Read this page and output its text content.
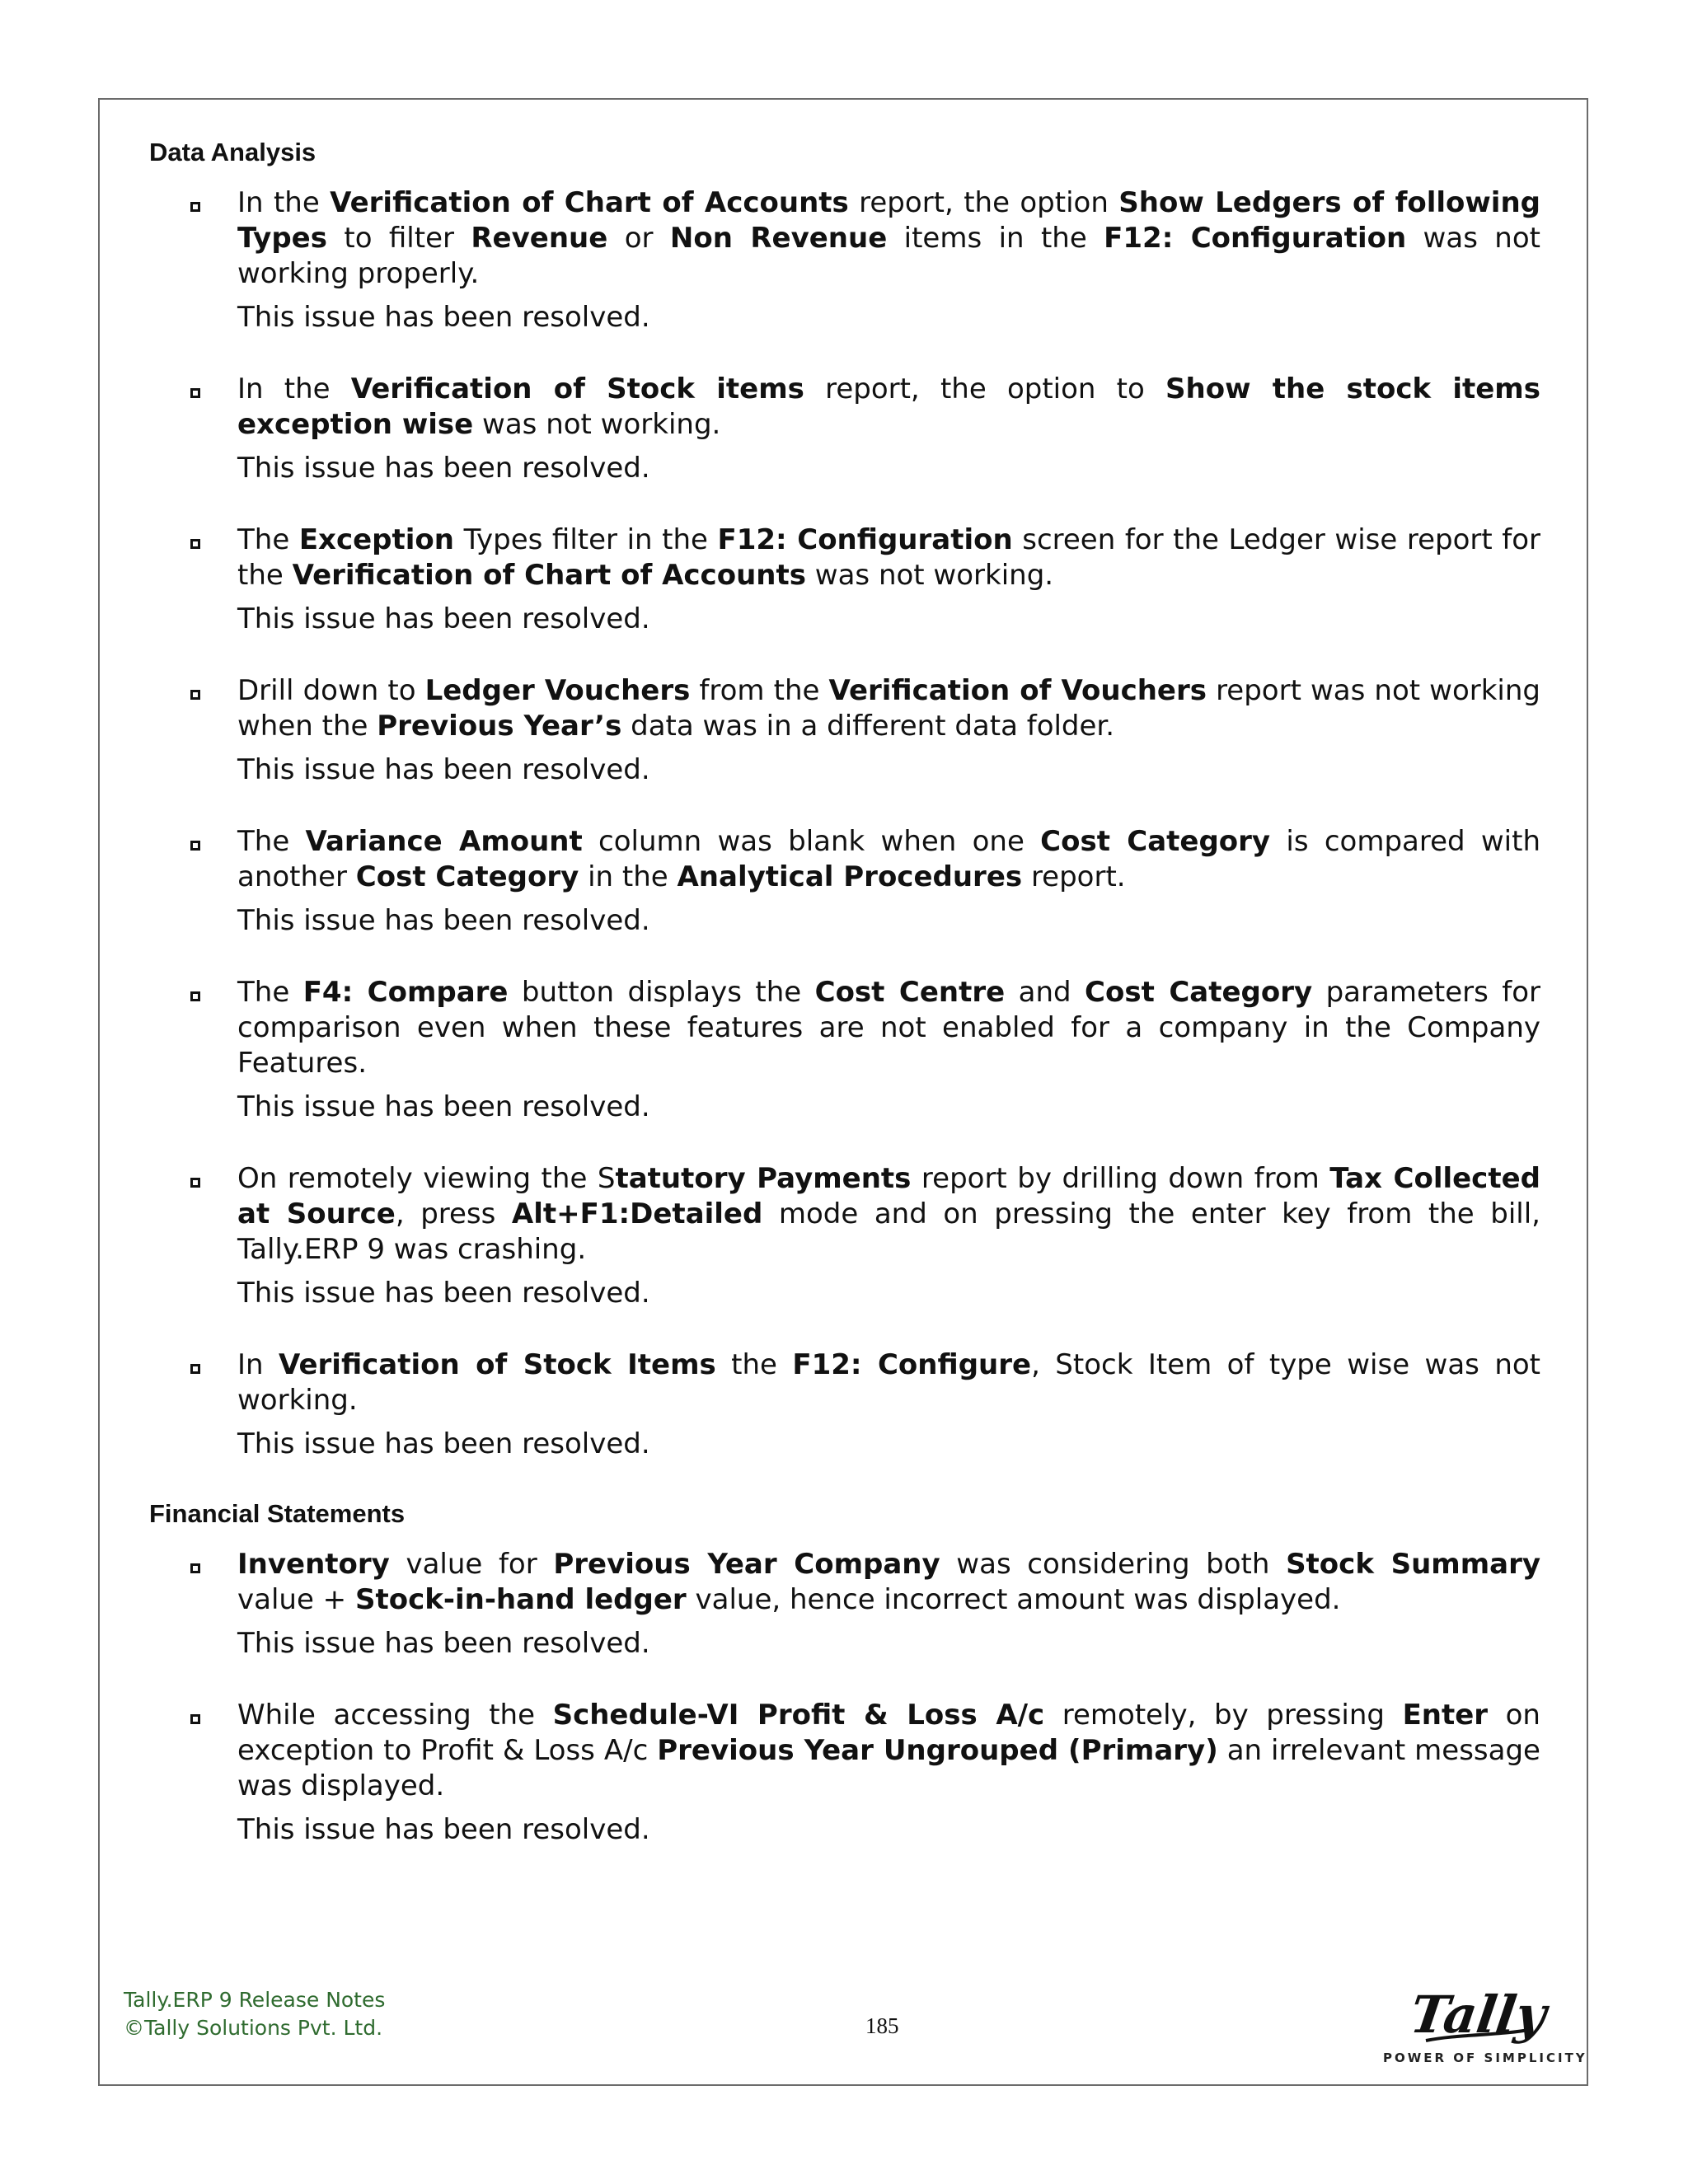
Data Analysis

In the Verification of Chart of Accounts report, the option Show Ledgers of following Types to filter Revenue or Non Revenue items in the F12: Configuration was not working properly.

This issue has been resolved.

In the Verification of Stock items report, the option to Show the stock items exception wise was not working.

This issue has been resolved.

The Exception Types filter in the F12: Configuration screen for the Ledger wise report for the Verification of Chart of Accounts was not working.

This issue has been resolved.

Drill down to Ledger Vouchers from the Verification of Vouchers report was not working when the Previous Year’s data was in a different data folder.

This issue has been resolved.

The Variance Amount column was blank when one Cost Category is compared with another Cost Category in the Analytical Procedures report.

This issue has been resolved.

The F4: Compare button displays the Cost Centre and Cost Category parameters for comparison even when these features are not enabled for a company in the Company Features.

This issue has been resolved.

On remotely viewing the Statutory Payments report by drilling down from Tax Collected at Source, press Alt+F1:Detailed mode and on pressing the enter key from the bill, Tally.ERP 9 was crashing.

This issue has been resolved.

In Verification of Stock Items the F12: Configure, Stock Item of type wise was not working.

This issue has been resolved.

Financial Statements

Inventory value for Previous Year Company was considering both Stock Summary value + Stock-in-hand ledger value, hence incorrect amount was displayed.

This issue has been resolved.

While accessing the Schedule-VI Profit & Loss A/c remotely, by pressing Enter on exception to Profit & Loss A/c Previous Year Ungrouped (Primary) an irrelevant message was displayed.

This issue has been resolved.

Tally.ERP 9 Release Notes
©Tally Solutions Pvt. Ltd.	185	Tally
POWER OF SIMPLICITY
